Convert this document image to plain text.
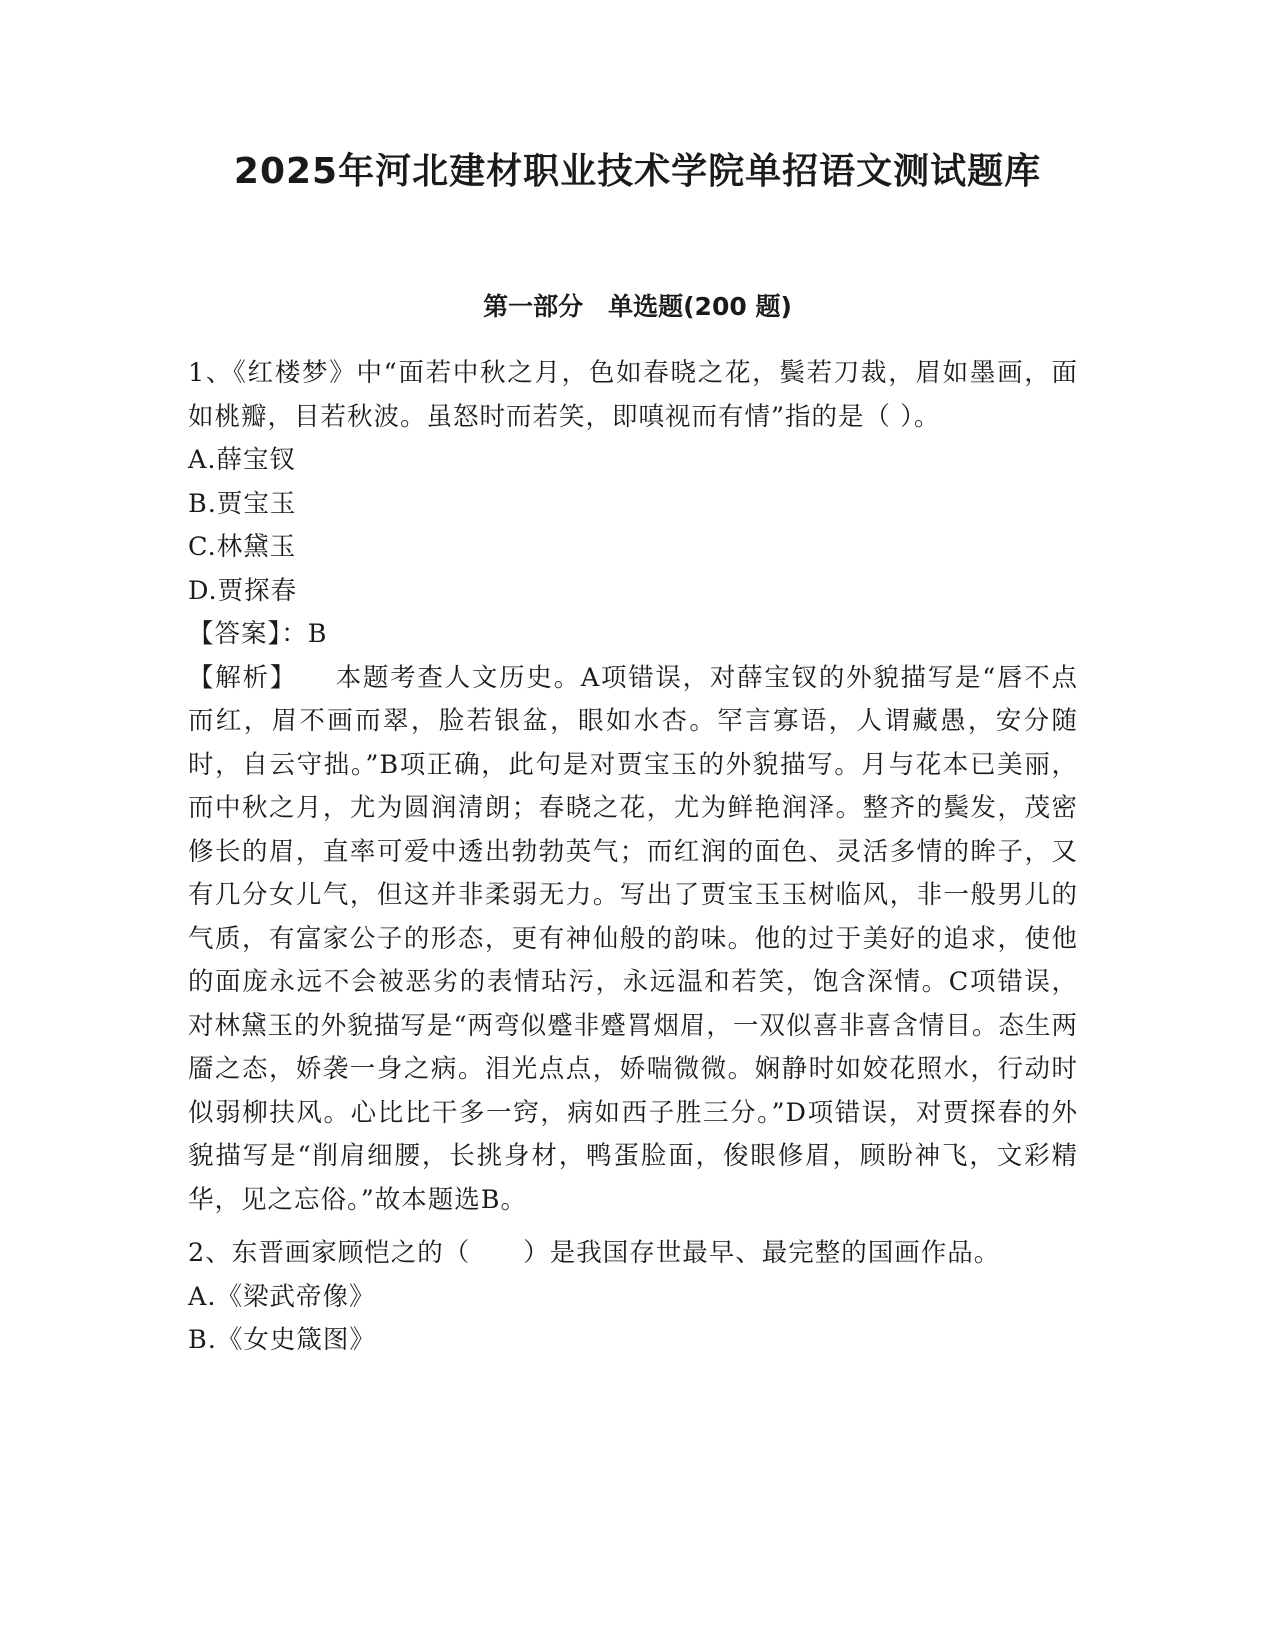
2025年河北建材职业技术学院单招语文测试题库
第一部分　单选题(200 题)

1、《红楼梦》中“面若中秋之月，色如春晓之花，鬓若刀裁，眉如墨画，面如桃瓣，目若秋波。虽怒时而若笑，即嗔视而有情”指的是（ ）。

A.薛宝钗
B.贾宝玉
C.林黛玉
D.贾探春

【答案】：B

【解析】 本题考查人文历史。A项错误，对薛宝钗的外貌描写是“唇不点而红，眉不画而翠，脸若银盆，眼如水杏。罕言寡语，人谓藏愚，安分随时，自云守拙。”B项正确，此句是对贾宝玉的外貌描写。月与花本已美丽，而中秋之月，尤为圆润清朗；春晓之花，尤为鲜艳润泽。整齐的鬓发，茂密修长的眉，直率可爱中透出勃勃英气；而红润的面色、灵活多情的眸子，又有几分女儿气，但这并非柔弱无力。写出了贾宝玉玉树临风，非一般男儿的气质，有富家公子的形态，更有神仙般的韵味。他的过于美好的追求，使他的面庞永远不会被恶劣的表情玷污，永远温和若笑，饱含深情。C项错误，对林黛玉的外貌描写是“两弯似蹙非蹙罥烟眉，一双似喜非喜含情目。态生两靥之态，娇袭一身之病。泪光点点，娇喘微微。娴静时如姣花照水，行动时似弱柳扶风。心比比干多一窍，病如西子胜三分。”D项错误，对贾探春的外貌描写是“削肩细腰，长挑身材，鸭蛋脸面，俊眼修眉，顾盼神飞，文彩精华，见之忘俗。”故本题选B。

2、东晋画家顾恺之的（　　）是我国存世最早、最完整的国画作品。

A.《梁武帝像》
B.《女史箴图》
